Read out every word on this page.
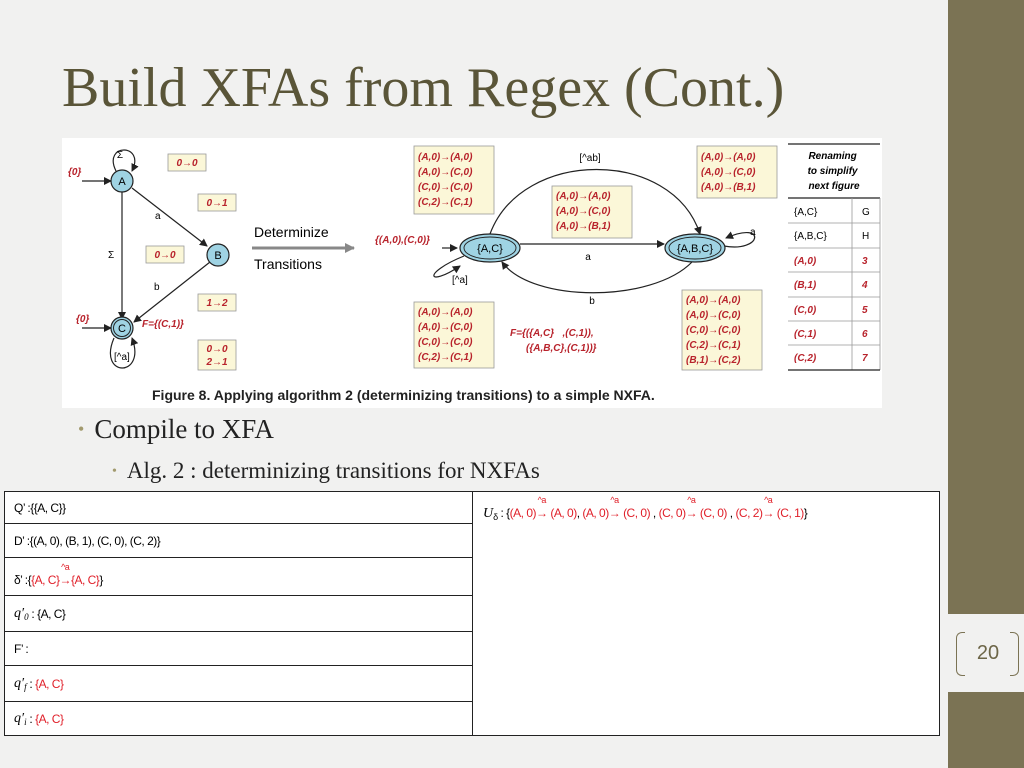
20
Build XFAs from Regex (Cont.)
A
B
C
{0}
Σ
a
Σ
b
{0}	F={(C,1)}
[^a]
0→0
0→1
0→0
1→2
0→0
2→1
Determinize
Transitions
{A,C}	{A,B,C}
{(A,0),(C,0)}
[^ab]
a
b
[^a]
a
(A,0)→(A,0) (A,0)→(C,0) (C,0)→(C,0) (C,2)→(C,1)
(A,0)→(A,0) (A,0)→(C,0) (A,0)→(B,1)
(A,0)→(A,0) (A,0)→(C,0) (A,0)→(B,1)
(A,0)→(A,0) (A,0)→(C,0) (C,0)→(C,0) (C,2)→(C,1)
(A,0)→(A,0) (A,0)→(C,0) (C,0)→(C,0) (C,2)→(C,1) (B,1)→(C,2)
F={({A,C}   ,(C,1)), ({A,B,C},(C,1))}
Renaming to simplify next figure
{A,C}	G
{A,B,C}	H
(A,0)	3
(B,1)	4
(C,0)	5
(C,1)	6
(C,2)	7
Figure 8. Applying algorithm 2 (determinizing transitions) to a simple NXFA.
• Compile to XFA
• Alg. 2 : determinizing transitions for NXFAs
Q’ : {{A, C}}
D’ : {(A, 0), (B, 1), (C, 0), (C, 2)}
δ’ : { {A, C}
^a
→ {A, C} }
q′ 0 : {A, C}
F’ :
q′ f : {A, C}
q′ i : {A, C}
$U_\delta$ : {(A, 0)
^a
→ (A, 0), (A, 0)
^a
→ (C, 0) , (C, 0)
^a
→ (C, 0) , (C, 2)
^a
→ (C, 1)}
